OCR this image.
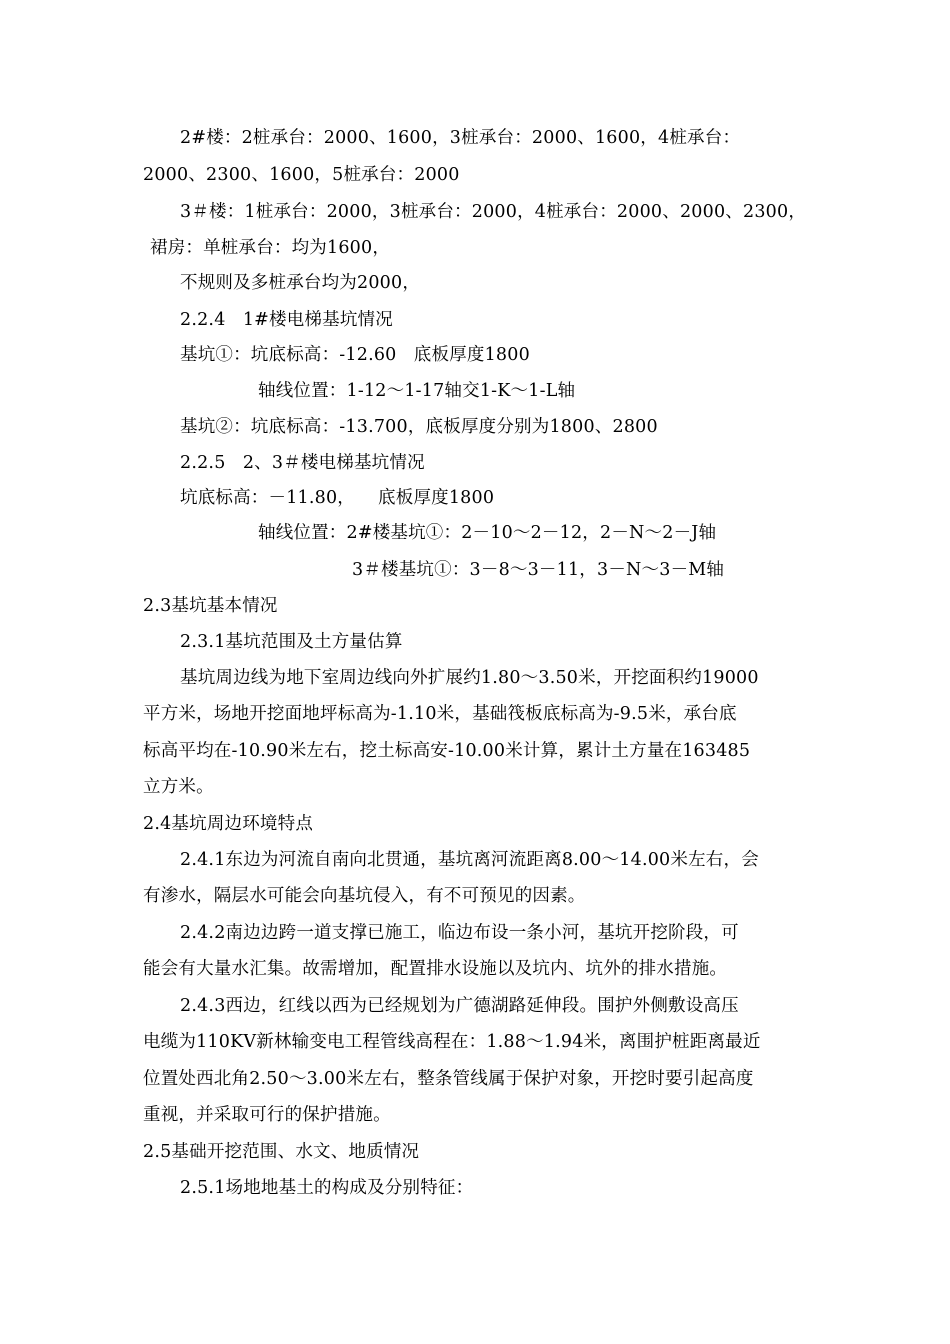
2#楼：2桩承台：2000、1600，3桩承台：2000、1600，4桩承台：
2000、2300、1600，5桩承台：2000
3＃楼：1桩承台：2000，3桩承台：2000，4桩承台：2000、2000、2300，
裙房：单桩承台：均为1600，
不规则及多桩承台均为2000，
2.2.4   1#楼电梯基坑情况
基坑①：坑底标高：-12.60   底板厚度1800
轴线位置：1-12～1-17轴交1-K～1-L轴
基坑②：坑底标高：-13.700，底板厚度分别为1800、2800
2.2.5   2、3＃楼电梯基坑情况
坑底标高：－11.80，    底板厚度1800
轴线位置：2#楼基坑①：2－10～2－12，2－N～2－J轴
3＃楼基坑①：3－8～3－11，3－N～3－M轴
2.3基坑基本情况
2.3.1基坑范围及土方量估算
基坑周边线为地下室周边线向外扩展约1.80～3.50米，开挖面积约19000
平方米，场地开挖面地坪标高为-1.10米，基础筏板底标高为-9.5米，承台底
标高平均在-10.90米左右，挖土标高安-10.00米计算，累计土方量在163485
立方米。
2.4基坑周边环境特点
2.4.1东边为河流自南向北贯通，基坑离河流距离8.00～14.00米左右，会
有渗水，隔层水可能会向基坑侵入，有不可预见的因素。
2.4.2南边边跨一道支撑已施工，临边布设一条小河，基坑开挖阶段，可
能会有大量水汇集。故需增加，配置排水设施以及坑内、坑外的排水措施。
2.4.3西边，红线以西为已经规划为广德湖路延伸段。围护外侧敷设高压
电缆为110KV新林输变电工程管线高程在：1.88～1.94米，离围护桩距离最近
位置处西北角2.50～3.00米左右，整条管线属于保护对象，开挖时要引起高度
重视，并采取可行的保护措施。
2.5基础开挖范围、水文、地质情况
2.5.1场地地基土的构成及分别特征：
